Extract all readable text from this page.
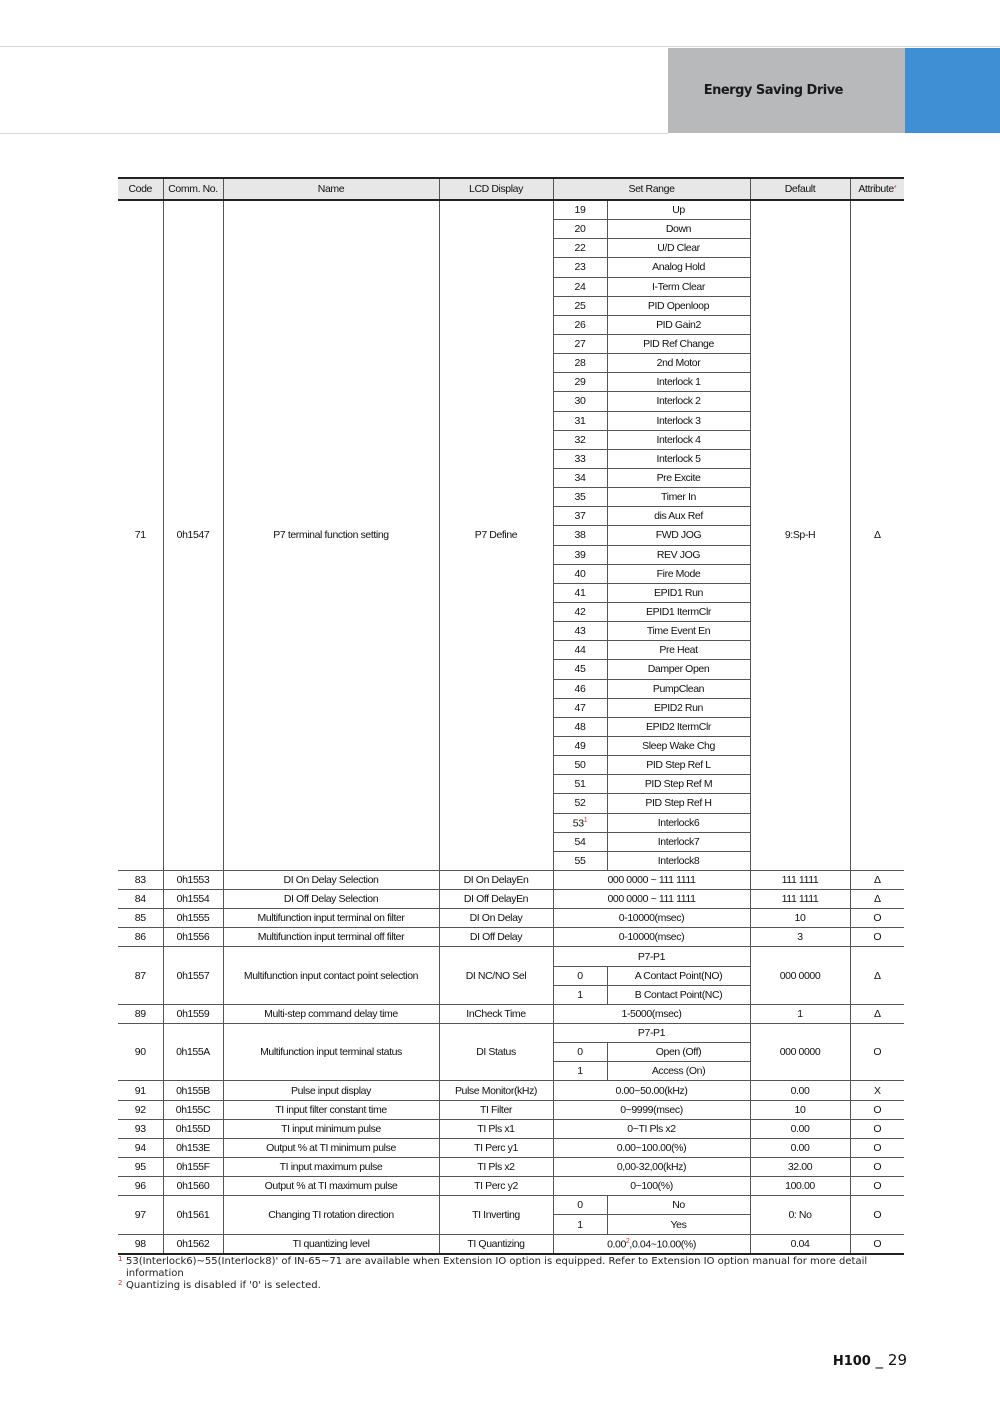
Energy Saving Drive
Code	Comm. No.	Name	LCD Display	Set Range		Default	Attribute*
71	0h1547	P7 terminal function setting	P7 Define	19	Up	9:Sp-H	Δ
				20	Down		
				22	U/D Clear		
				23	Analog Hold		
				24	I-Term Clear		
				25	PID Openloop		
				26	PID Gain2		
				27	PID Ref Change		
				28	2nd Motor		
				29	Interlock 1		
				30	Interlock 2		
				31	Interlock 3		
				32	Interlock 4		
				33	Interlock 5		
				34	Pre Excite		
				35	Timer In		
				37	dis Aux Ref		
				38	FWD JOG		
				39	REV JOG		
				40	Fire Mode		
				41	EPID1 Run		
				42	EPID1 ItermClr		
				43	Time Event En		
				44	Pre Heat		
				45	Damper Open		
				46	PumpClean		
				47	EPID2 Run		
				48	EPID2 ItermClr		
				49	Sleep Wake Chg		
				50	PID Step Ref L		
				51	PID Step Ref M		
				52	PID Step Ref H		
				$53^1$	Interlock6		
				54	Interlock7		
				55	Interlock8		
83	0h1553	DI On Delay Selection	DI On DelayEn	000 0000 ~ 111 1111		111 1111	Δ
84	0h1554	DI Off Delay Selection	DI Off DelayEn	000 0000 ~ 111 1111		111 1111	Δ
85	0h1555	Multifunction input terminal on filter	DI On Delay	0-10000(msec)		10	O
86	0h1556	Multifunction input terminal off filter	DI Off Delay	0-10000(msec)		3	O
87	0h1557	Multifunction input contact point selection	DI NC/NO Sel	P7-P1		000 0000	Δ
				0	A Contact Point(NO)		
				1	B Contact Point(NC)		
89	0h1559	Multi-step command delay time	InCheck Time	1-5000(msec)		1	Δ
90	0h155A	Multifunction input terminal status	DI Status	P7-P1		000 0000	O
				0	Open (Off)		
				1	Access (On)		
91	0h155B	Pulse input display	Pulse Monitor(kHz)	0.00~50.00(kHz)		0.00	X
92	0h155C	TI input filter constant time	TI Filter	0~9999(msec)		10	O
93	0h155D	TI input minimum pulse	TI Pls x1	0~TI Pls x2		0.00	O
94	0h153E	Output % at TI minimum pulse	TI Perc y1	0.00~100.00(%)		0.00	O
95	0h155F	TI input maximum pulse	TI Pls x2	0,00-32,00(kHz)		32.00	O
96	0h1560	Output % at TI maximum pulse	TI Perc y2	0~100(%)		100.00	O
97	0h1561	Changing TI rotation direction	TI Inverting	0	No	0: No	O
				1	Yes		
98	0h1562	TI quantizing level	TI Quantizing	0.00$^2$,0.04~10.00(%)		0.04	O
1 53(Interlock6)~55(Interlock8)' of IN-65~71 are available when Extension IO option is equipped. Refer to Extension IO option manual for more detail information
2 Quantizing is disabled if '0' is selected.
H100 _ 29
